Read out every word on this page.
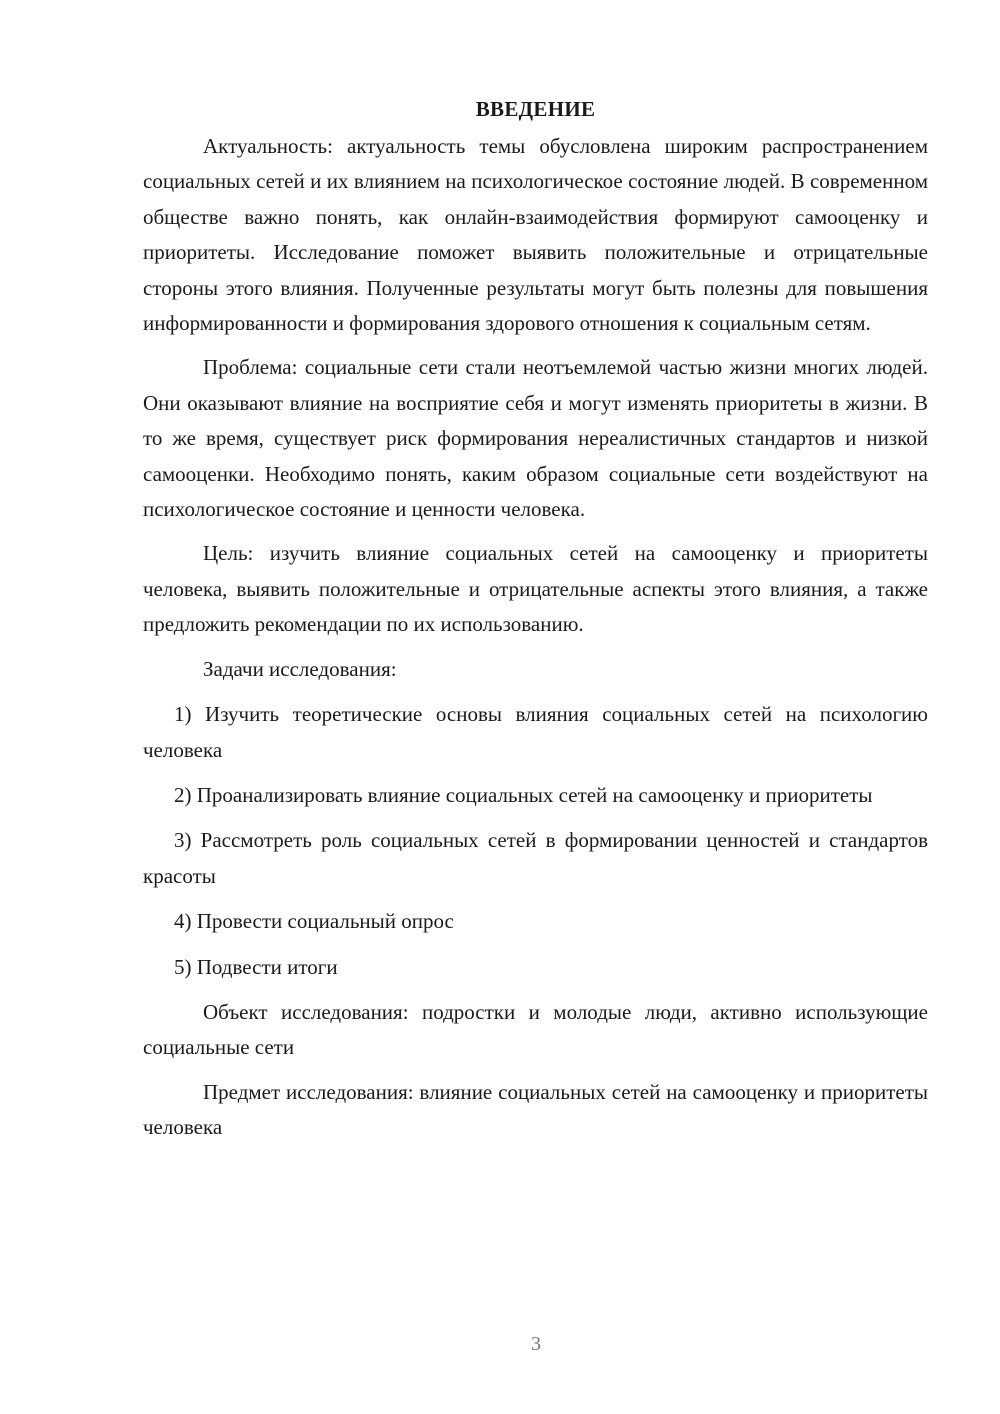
ВВЕДЕНИЕ

Актуальность: актуальность темы обусловлена широким распространением социальных сетей и их влиянием на психологическое состояние людей. В современном обществе важно понять, как онлайн-взаимодействия формируют самооценку и приоритеты. Исследование поможет выявить положительные и отрицательные стороны этого влияния. Полученные результаты могут быть полезны для повышения информированности и формирования здорового отношения к социальным сетям.

Проблема: социальные сети стали неотъемлемой частью жизни многих людей. Они оказывают влияние на восприятие себя и могут изменять приоритеты в жизни. В то же время, существует риск формирования нереалистичных стандартов и низкой самооценки. Необходимо понять, каким образом социальные сети воздействуют на психологическое состояние и ценности человека.

Цель: изучить влияние социальных сетей на самооценку и приоритеты человека, выявить положительные и отрицательные аспекты этого влияния, а также предложить рекомендации по их использованию.

Задачи исследования:

1) Изучить теоретические основы влияния социальных сетей на психологию человека

2) Проанализировать влияние социальных сетей на самооценку и приоритеты

3) Рассмотреть роль социальных сетей в формировании ценностей и стандартов красоты

4) Провести социальный опрос

5) Подвести итоги

Объект исследования: подростки и молодые люди, активно использующие социальные сети

Предмет исследования: влияние социальных сетей на самооценку и приоритеты человека

3
